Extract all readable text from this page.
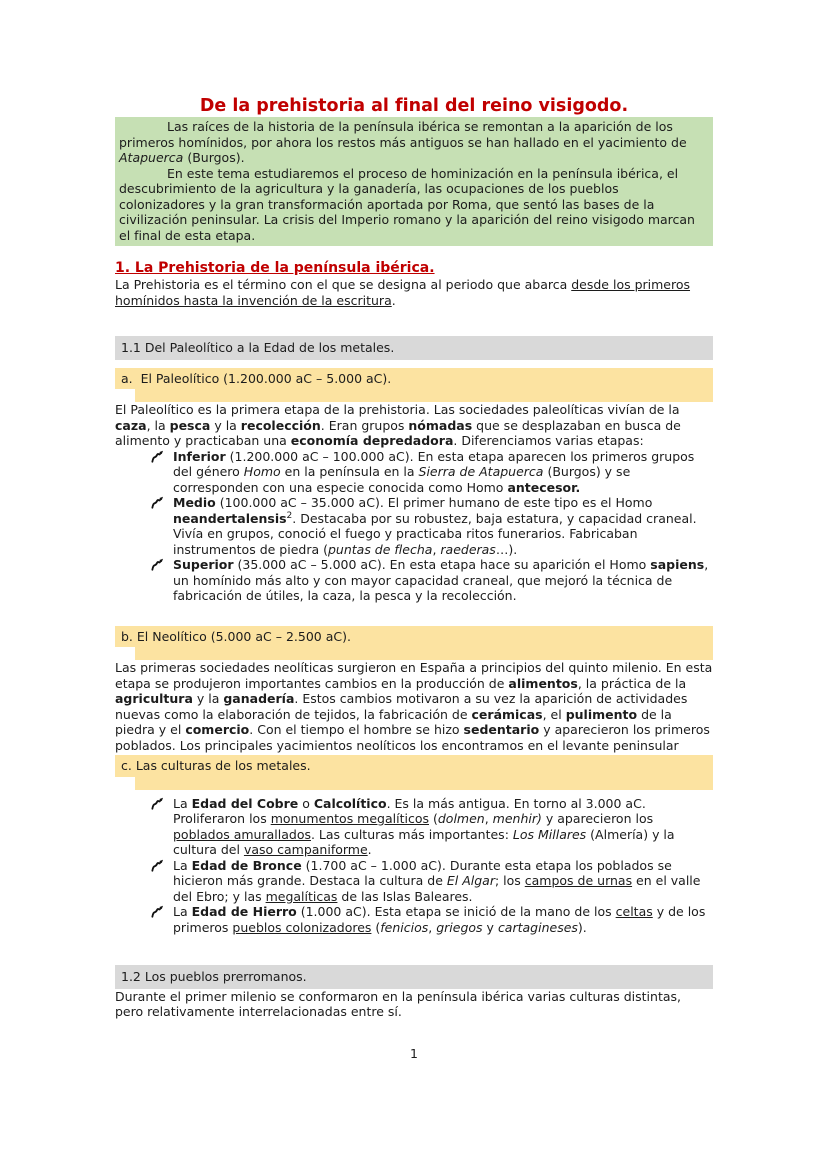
De la prehistoria al final del reino visigodo.

Las raíces de la historia de la península ibérica se remontan a la aparición de los primeros homínidos, por ahora los restos más antiguos se han hallado en el yacimiento de Atapuerca (Burgos).

En este tema estudiaremos el proceso de hominización en la península ibérica, el descubrimiento de la agricultura y la ganadería, las ocupaciones de los pueblos colonizadores y la gran transformación aportada por Roma, que sentó las bases de la civilización peninsular. La crisis del Imperio romano y la aparición del reino visigodo marcan el final de esta etapa.

1. La Prehistoria de la península ibérica.

La Prehistoria es el término con el que se designa al periodo que abarca desde los primeros homínidos hasta la invención de la escritura.

1.1 Del Paleolítico a la Edad de los metales.
a.  El Paleolítico (1.200.000 aC – 5.000 aC).

El Paleolítico es la primera etapa de la prehistoria. Las sociedades paleolíticas vivían de la caza, la pesca y la recolección. Eran grupos nómadas que se desplazaban en busca de alimento y practicaban una economía depredadora. Diferenciamos varias etapas:

Inferior (1.200.000 aC – 100.000 aC). En esta etapa aparecen los primeros grupos del género Homo en la península en la Sierra de Atapuerca (Burgos) y se corresponden con una especie conocida como Homo antecesor.
Medio (100.000 aC – 35.000 aC). El primer humano de este tipo es el Homo neandertalensis$^2$. Destacaba por su robustez, baja estatura, y capacidad craneal. Vivía en grupos, conoció el fuego y practicaba ritos funerarios. Fabricaban instrumentos de piedra (puntas de flecha, raederas…).
Superior (35.000 aC – 5.000 aC). En esta etapa hace su aparición el Homo sapiens, un homínido más alto y con mayor capacidad craneal, que mejoró la técnica de fabricación de útiles, la caza, la pesca y la recolección.
b. El Neolítico (5.000 aC – 2.500 aC).

Las primeras sociedades neolíticas surgieron en España a principios del quinto milenio. En esta etapa se produjeron importantes cambios en la producción de alimentos, la práctica de la agricultura y la ganadería. Estos cambios motivaron a su vez la aparición de actividades nuevas como la elaboración de tejidos, la fabricación de cerámicas, el pulimento de la piedra y el comercio. Con el tiempo el hombre se hizo sedentario y aparecieron los primeros poblados. Los principales yacimientos neolíticos los encontramos en el levante peninsular

c. Las culturas de los metales.
La Edad del Cobre o Calcolítico. Es la más antigua. En torno al 3.000 aC. Proliferaron los monumentos megalíticos (dolmen, menhir) y aparecieron los poblados amurallados. Las culturas más importantes: Los Millares (Almería) y la cultura del vaso campaniforme.
La Edad de Bronce (1.700 aC – 1.000 aC). Durante esta etapa los poblados se hicieron más grande. Destaca la cultura de El Algar; los campos de urnas en el valle del Ebro; y las megalíticas de las Islas Baleares.
La Edad de Hierro (1.000 aC). Esta etapa se inició de la mano de los celtas y de los primeros pueblos colonizadores (fenicios, griegos y cartagineses).
1.2 Los pueblos prerromanos.

Durante el primer milenio se conformaron en la península ibérica varias culturas distintas, pero relativamente interrelacionadas entre sí.

1
